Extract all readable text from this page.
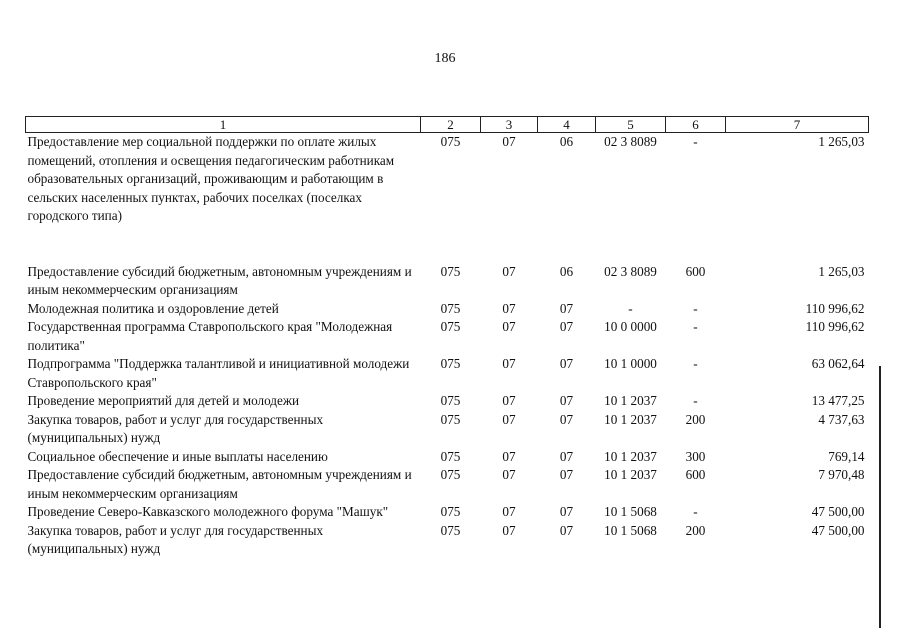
186
1	2	3	4	5	6	7
Предоставление мер социальной поддержки по оплате жилых помещений, отопления и освещения педагогическим работникам образовательных организаций, проживающим и работающим в сельских населенных пунктах, рабочих поселках (поселках городского типа)	075	07	06	02 3 8089	-	1 265,03

Предоставление субсидий бюджетным, автономным учреждениям и иным некоммерческим организациям	075	07	06	02 3 8089	600	1 265,03
Молодежная политика и оздоровление детей	075	07	07	-	-	110 996,62
Государственная программа Ставропольского края "Молодежная политика"	075	07	07	10 0 0000	-	110 996,62
Подпрограмма "Поддержка талантливой и инициативной молодежи Ставропольского края"	075	07	07	10 1 0000	-	63 062,64
Проведение мероприятий для детей и молодежи	075	07	07	10 1 2037	-	13 477,25
Закупка товаров, работ и услуг для государственных (муниципальных) нужд	075	07	07	10 1 2037	200	4 737,63
Социальное обеспечение и иные выплаты населению	075	07	07	10 1 2037	300	769,14
Предоставление субсидий бюджетным, автономным учреждениям и иным некоммерческим организациям	075	07	07	10 1 2037	600	7 970,48
Проведение Северо-Кавказского молодежного форума "Машук"	075	07	07	10 1 5068	-	47 500,00
Закупка товаров, работ и услуг для государственных (муниципальных) нужд	075	07	07	10 1 5068	200	47 500,00
